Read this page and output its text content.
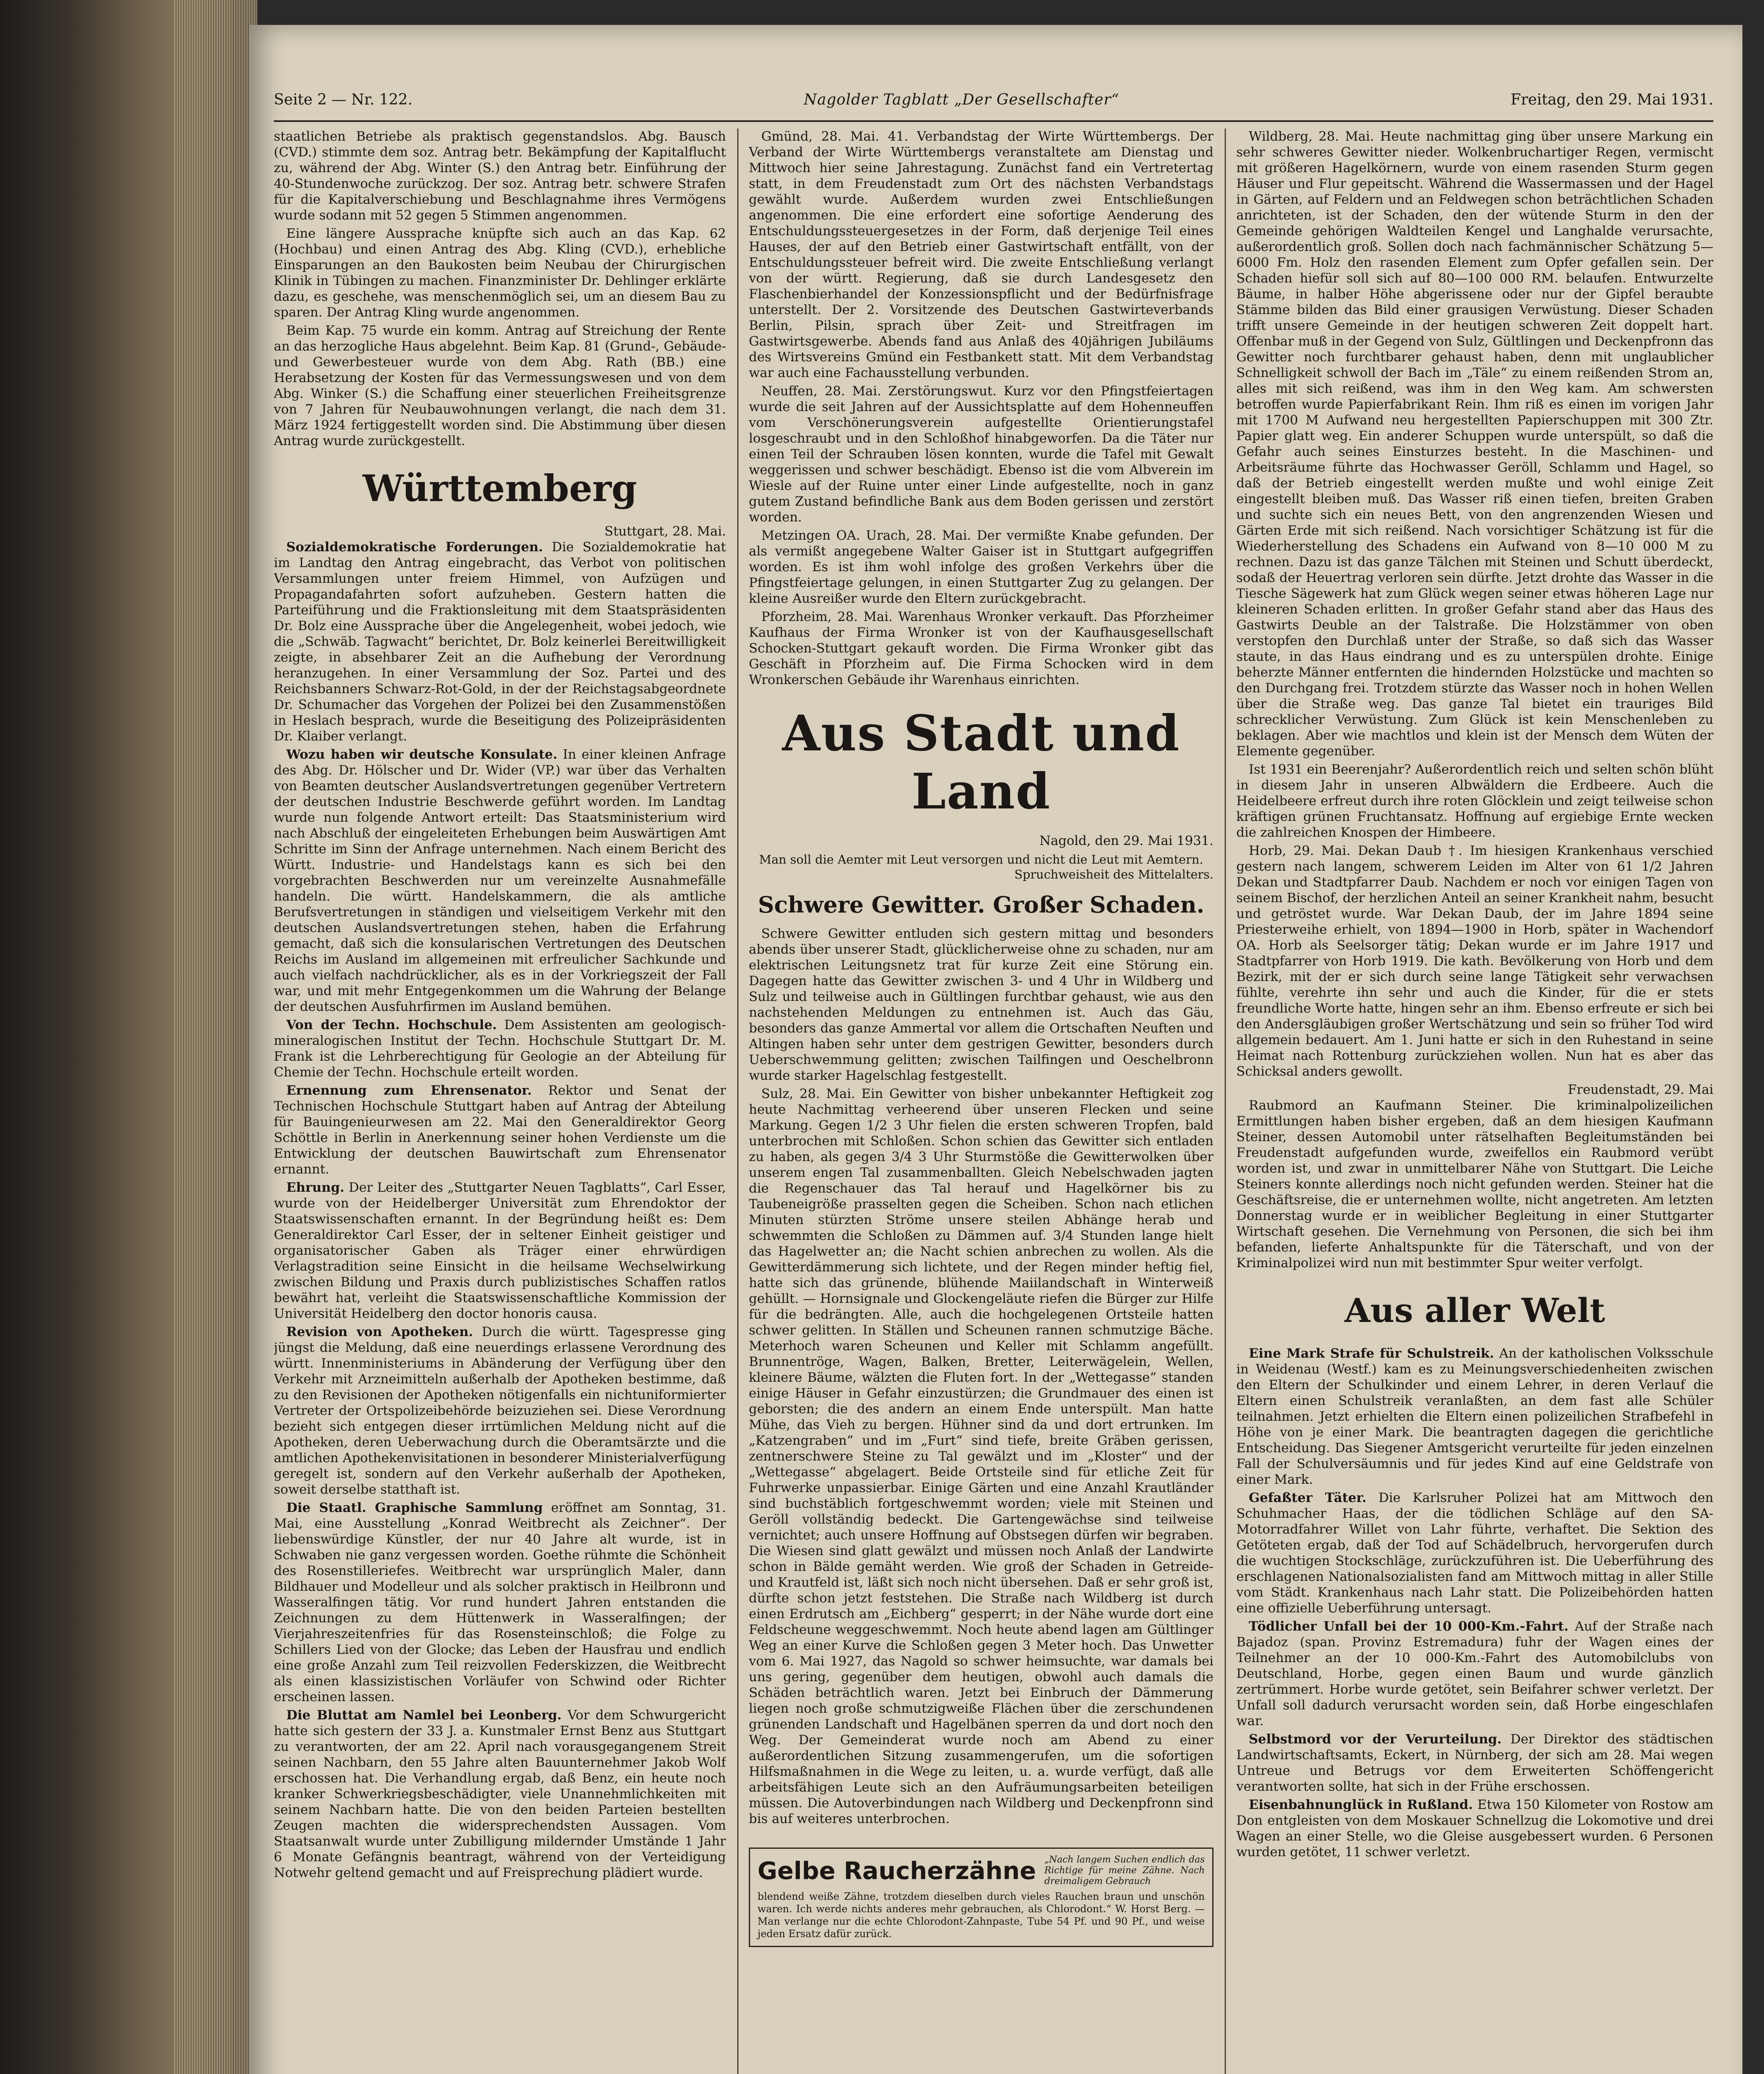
Seite 2 — Nr. 122.	Nagolder Tagblatt „Der Gesellschafter“	Freitag, den 29. Mai 1931.

staatlichen Betriebe als praktisch gegenstandslos. Abg. Bausch (CVD.) stimmte dem soz. Antrag betr. Bekämpfung der Kapitalflucht zu, während der Abg. Winter (S.) den Antrag betr. Einführung der 40-Stundenwoche zurückzog. Der soz. Antrag betr. schwere Strafen für die Kapitalverschiebung und Beschlagnahme ihres Vermögens wurde sodann mit 52 gegen 5 Stimmen angenommen.

Eine längere Aussprache knüpfte sich auch an das Kap. 62 (Hochbau) und einen Antrag des Abg. Kling (CVD.), erhebliche Einsparungen an den Baukosten beim Neubau der Chirurgischen Klinik in Tübingen zu machen. Finanzminister Dr. Dehlinger erklärte dazu, es geschehe, was menschenmöglich sei, um an diesem Bau zu sparen. Der Antrag Kling wurde angenommen.

Beim Kap. 75 wurde ein komm. Antrag auf Streichung der Rente an das herzogliche Haus abgelehnt. Beim Kap. 81 (Grund-, Gebäude- und Gewerbesteuer wurde von dem Abg. Rath (BB.) eine Herabsetzung der Kosten für das Vermessungswesen und von dem Abg. Winker (S.) die Schaffung einer steuerlichen Freiheitsgrenze von 7 Jahren für Neubauwohnungen verlangt, die nach dem 31. März 1924 fertiggestellt worden sind. Die Abstimmung über diesen Antrag wurde zurückgestellt.

Württemberg
Stuttgart, 28. Mai.

Sozialdemokratische Forderungen. Die Sozialdemokratie hat im Landtag den Antrag eingebracht, das Verbot von politischen Versammlungen unter freiem Himmel, von Aufzügen und Propagandafahrten sofort aufzuheben. Gestern hatten die Parteiführung und die Fraktionsleitung mit dem Staatspräsidenten Dr. Bolz eine Aussprache über die Angelegenheit, wobei jedoch, wie die „Schwäb. Tagwacht“ berichtet, Dr. Bolz keinerlei Bereitwilligkeit zeigte, in absehbarer Zeit an die Aufhebung der Verordnung heranzugehen. In einer Versammlung der Soz. Partei und des Reichsbanners Schwarz-Rot-Gold, in der der Reichstagsabgeordnete Dr. Schumacher das Vorgehen der Polizei bei den Zusammenstößen in Heslach besprach, wurde die Beseitigung des Polizeipräsidenten Dr. Klaiber verlangt.

Wozu haben wir deutsche Konsulate. In einer kleinen Anfrage des Abg. Dr. Hölscher und Dr. Wider (VP.) war über das Verhalten von Beamten deutscher Auslandsvertretungen gegenüber Vertretern der deutschen Industrie Beschwerde geführt worden. Im Landtag wurde nun folgende Antwort erteilt: Das Staatsministerium wird nach Abschluß der eingeleiteten Erhebungen beim Auswärtigen Amt Schritte im Sinn der Anfrage unternehmen. Nach einem Bericht des Württ. Industrie- und Handelstags kann es sich bei den vorgebrachten Beschwerden nur um vereinzelte Ausnahmefälle handeln. Die württ. Handelskammern, die als amtliche Berufsvertretungen in ständigen und vielseitigem Verkehr mit den deutschen Auslandsvertretungen stehen, haben die Erfahrung gemacht, daß sich die konsularischen Vertretungen des Deutschen Reichs im Ausland im allgemeinen mit erfreulicher Sachkunde und auch vielfach nachdrücklicher, als es in der Vorkriegszeit der Fall war, und mit mehr Entgegenkommen um die Wahrung der Belange der deutschen Ausfuhrfirmen im Ausland bemühen.

Von der Techn. Hochschule. Dem Assistenten am geologisch-mineralogischen Institut der Techn. Hochschule Stuttgart Dr. M. Frank ist die Lehrberechtigung für Geologie an der Abteilung für Chemie der Techn. Hochschule erteilt worden.

Ernennung zum Ehrensenator. Rektor und Senat der Technischen Hochschule Stuttgart haben auf Antrag der Abteilung für Bauingenieurwesen am 22. Mai den Generaldirektor Georg Schöttle in Berlin in Anerkennung seiner hohen Verdienste um die Entwicklung der deutschen Bauwirtschaft zum Ehrensenator ernannt.

Ehrung. Der Leiter des „Stuttgarter Neuen Tagblatts“, Carl Esser, wurde von der Heidelberger Universität zum Ehrendoktor der Staatswissenschaften ernannt. In der Begründung heißt es: Dem Generaldirektor Carl Esser, der in seltener Einheit geistiger und organisatorischer Gaben als Träger einer ehrwürdigen Verlagstradition seine Einsicht in die heilsame Wechselwirkung zwischen Bildung und Praxis durch publizistisches Schaffen ratlos bewährt hat, verleiht die Staatswissenschaftliche Kommission der Universität Heidelberg den doctor honoris causa.

Revision von Apotheken. Durch die württ. Tagespresse ging jüngst die Meldung, daß eine neuerdings erlassene Verordnung des württ. Innenministeriums in Abänderung der Verfügung über den Verkehr mit Arzneimitteln außerhalb der Apotheken bestimme, daß zu den Revisionen der Apotheken nötigenfalls ein nichtuniformierter Vertreter der Ortspolizeibehörde beizuziehen sei. Diese Verordnung bezieht sich entgegen dieser irrtümlichen Meldung nicht auf die Apotheken, deren Ueberwachung durch die Oberamtsärzte und die amtlichen Apothekenvisitationen in besonderer Ministerialverfügung geregelt ist, sondern auf den Verkehr außerhalb der Apotheken, soweit derselbe statthaft ist.

Die Staatl. Graphische Sammlung eröffnet am Sonntag, 31. Mai, eine Ausstellung „Konrad Weitbrecht als Zeichner“. Der liebenswürdige Künstler, der nur 40 Jahre alt wurde, ist in Schwaben nie ganz vergessen worden. Goethe rühmte die Schönheit des Rosenstilleriefes. Weitbrecht war ursprünglich Maler, dann Bildhauer und Modelleur und als solcher praktisch in Heilbronn und Wasseralfingen tätig. Vor rund hundert Jahren entstanden die Zeichnungen zu dem Hüttenwerk in Wasseralfingen; der Vierjahreszeitenfries für das Rosensteinschloß; die Folge zu Schillers Lied von der Glocke; das Leben der Hausfrau und endlich eine große Anzahl zum Teil reizvollen Federskizzen, die Weitbrecht als einen klassizistischen Vorläufer von Schwind oder Richter erscheinen lassen.

Die Bluttat am Namlel bei Leonberg. Vor dem Schwurgericht hatte sich gestern der 33 J. a. Kunstmaler Ernst Benz aus Stuttgart zu verantworten, der am 22. April nach vorausgegangenem Streit seinen Nachbarn, den 55 Jahre alten Bauunternehmer Jakob Wolf erschossen hat. Die Verhandlung ergab, daß Benz, ein heute noch kranker Schwerkriegsbeschädigter, viele Unannehmlichkeiten mit seinem Nachbarn hatte. Die von den beiden Parteien bestellten Zeugen machten die widersprechendsten Aussagen. Vom Staatsanwalt wurde unter Zubilligung mildernder Umstände 1 Jahr 6 Monate Gefängnis beantragt, während von der Verteidigung Notwehr geltend gemacht und auf Freisprechung plädiert wurde.

Gmünd, 28. Mai. 41. Verbandstag der Wirte Württembergs. Der Verband der Wirte Württembergs veranstaltete am Dienstag und Mittwoch hier seine Jahrestagung. Zunächst fand ein Vertretertag statt, in dem Freudenstadt zum Ort des nächsten Verbandstags gewählt wurde. Außerdem wurden zwei Entschließungen angenommen. Die eine erfordert eine sofortige Aenderung des Entschuldungssteuergesetzes in der Form, daß derjenige Teil eines Hauses, der auf den Betrieb einer Gastwirtschaft entfällt, von der Entschuldungssteuer befreit wird. Die zweite Entschließung verlangt von der württ. Regierung, daß sie durch Landesgesetz den Flaschenbierhandel der Konzessionspflicht und der Bedürfnisfrage unterstellt. Der 2. Vorsitzende des Deutschen Gastwirteverbands Berlin, Pilsin, sprach über Zeit- und Streitfragen im Gastwirtsgewerbe. Abends fand aus Anlaß des 40jährigen Jubiläums des Wirtsvereins Gmünd ein Festbankett statt. Mit dem Verbandstag war auch eine Fachausstellung verbunden.

Neuffen, 28. Mai. Zerstörungswut. Kurz vor den Pfingstfeiertagen wurde die seit Jahren auf der Aussichtsplatte auf dem Hohenneuffen vom Verschönerungsverein aufgestellte Orientierungstafel losgeschraubt und in den Schloßhof hinabgeworfen. Da die Täter nur einen Teil der Schrauben lösen konnten, wurde die Tafel mit Gewalt weggerissen und schwer beschädigt. Ebenso ist die vom Albverein im Wiesle auf der Ruine unter einer Linde aufgestellte, noch in ganz gutem Zustand befindliche Bank aus dem Boden gerissen und zerstört worden.

Metzingen OA. Urach, 28. Mai. Der vermißte Knabe gefunden. Der als vermißt angegebene Walter Gaiser ist in Stuttgart aufgegriffen worden. Es ist ihm wohl infolge des großen Verkehrs über die Pfingstfeiertage gelungen, in einen Stuttgarter Zug zu gelangen. Der kleine Ausreißer wurde den Eltern zurückgebracht.

Pforzheim, 28. Mai. Warenhaus Wronker verkauft. Das Pforzheimer Kaufhaus der Firma Wronker ist von der Kaufhausgesellschaft Schocken-Stuttgart gekauft worden. Die Firma Wronker gibt das Geschäft in Pforzheim auf. Die Firma Schocken wird in dem Wronkerschen Gebäude ihr Warenhaus einrichten.

Aus Stadt und Land
Nagold, den 29. Mai 1931.
Man soll die Aemter mit Leut versorgen und nicht die Leut mit Aemtern.
Spruchweisheit des Mittelalters.
Schwere Gewitter. Großer Schaden.

Schwere Gewitter entluden sich gestern mittag und besonders abends über unserer Stadt, glücklicherweise ohne zu schaden, nur am elektrischen Leitungsnetz trat für kurze Zeit eine Störung ein. Dagegen hatte das Gewitter zwischen 3- und 4 Uhr in Wildberg und Sulz und teilweise auch in Gültlingen furchtbar gehaust, wie aus den nachstehenden Meldungen zu entnehmen ist. Auch das Gäu, besonders das ganze Ammertal vor allem die Ortschaften Neuften und Altingen haben sehr unter dem gestrigen Gewitter, besonders durch Ueberschwemmung gelitten; zwischen Tailfingen und Oeschelbronn wurde starker Hagelschlag festgestellt.

Sulz, 28. Mai. Ein Gewitter von bisher unbekannter Heftigkeit zog heute Nachmittag verheerend über unseren Flecken und seine Markung. Gegen 1/2 3 Uhr fielen die ersten schweren Tropfen, bald unterbrochen mit Schloßen. Schon schien das Gewitter sich entladen zu haben, als gegen 3/4 3 Uhr Sturmstöße die Gewitterwolken über unserem engen Tal zusammenballten. Gleich Nebelschwaden jagten die Regenschauer das Tal herauf und Hagelkörner bis zu Taubeneigröße prasselten gegen die Scheiben. Schon nach etlichen Minuten stürzten Ströme unsere steilen Abhänge herab und schwemmten die Schloßen zu Dämmen auf. 3/4 Stunden lange hielt das Hagelwetter an; die Nacht schien anbrechen zu wollen. Als die Gewitterdämmerung sich lichtete, und der Regen minder heftig fiel, hatte sich das grünende, blühende Maiilandschaft in Winterweiß gehüllt. — Hornsignale und Glockengeläute riefen die Bürger zur Hilfe für die bedrängten. Alle, auch die hochgelegenen Ortsteile hatten schwer gelitten. In Ställen und Scheunen rannen schmutzige Bäche. Meterhoch waren Scheunen und Keller mit Schlamm angefüllt. Brunnentröge, Wagen, Balken, Bretter, Leiterwägelein, Wellen, kleinere Bäume, wälzten die Fluten fort. In der „Wettegasse“ standen einige Häuser in Gefahr einzustürzen; die Grundmauer des einen ist geborsten; die des andern an einem Ende unterspült. Man hatte Mühe, das Vieh zu bergen. Hühner sind da und dort ertrunken. Im „Katzengraben“ und im „Furt“ sind tiefe, breite Gräben gerissen, zentnerschwere Steine zu Tal gewälzt und im „Kloster“ und der „Wettegasse“ abgelagert. Beide Ortsteile sind für etliche Zeit für Fuhrwerke unpassierbar. Einige Gärten und eine Anzahl Krautländer sind buchstäblich fortgeschwemmt worden; viele mit Steinen und Geröll vollständig bedeckt. Die Gartengewächse sind teilweise vernichtet; auch unsere Hoffnung auf Obstsegen dürfen wir begraben. Die Wiesen sind glatt gewälzt und müssen noch Anlaß der Landwirte schon in Bälde gemäht werden. Wie groß der Schaden in Getreide- und Krautfeld ist, läßt sich noch nicht übersehen. Daß er sehr groß ist, dürfte schon jetzt feststehen. Die Straße nach Wildberg ist durch einen Erdrutsch am „Eichberg“ gesperrt; in der Nähe wurde dort eine Feldscheune weggeschwemmt. Noch heute abend lagen am Gültlinger Weg an einer Kurve die Schloßen gegen 3 Meter hoch. Das Unwetter vom 6. Mai 1927, das Nagold so schwer heimsuchte, war damals bei uns gering, gegenüber dem heutigen, obwohl auch damals die Schäden beträchtlich waren. Jetzt bei Einbruch der Dämmerung liegen noch große schmutzigweiße Flächen über die zerschundenen grünenden Landschaft und Hagelbänen sperren da und dort noch den Weg. Der Gemeinderat wurde noch am Abend zu einer außerordentlichen Sitzung zusammengerufen, um die sofortigen Hilfsmaßnahmen in die Wege zu leiten, u. a. wurde verfügt, daß alle arbeitsfähigen Leute sich an den Aufräumungsarbeiten beteiligen müssen. Die Autoverbindungen nach Wildberg und Deckenpfronn sind bis auf weiteres unterbrochen.

Gelbe Raucherzähne „Nach langem Suchen endlich das Richtige für meine Zähne. Nach dreimaligem Gebrauch
blendend weiße Zähne, trotzdem dieselben durch vieles Rauchen braun und unschön waren. Ich werde nichts anderes mehr gebrauchen, als Chlorodont.“ W. Horst Berg. — Man verlange nur die echte Chlorodont-Zahnpaste, Tube 54 Pf. und 90 Pf., und weise jeden Ersatz dafür zurück.

Wildberg, 28. Mai. Heute nachmittag ging über unsere Markung ein sehr schweres Gewitter nieder. Wolkenbruchartiger Regen, vermischt mit größeren Hagelkörnern, wurde von einem rasenden Sturm gegen Häuser und Flur gepeitscht. Während die Wassermassen und der Hagel in Gärten, auf Feldern und an Feldwegen schon beträchtlichen Schaden anrichteten, ist der Schaden, den der wütende Sturm in den der Gemeinde gehörigen Waldteilen Kengel und Langhalde verursachte, außerordentlich groß. Sollen doch nach fachmännischer Schätzung 5—6000 Fm. Holz den rasenden Element zum Opfer gefallen sein. Der Schaden hiefür soll sich auf 80—100 000 RM. belaufen. Entwurzelte Bäume, in halber Höhe abgerissene oder nur der Gipfel beraubte Stämme bilden das Bild einer grausigen Verwüstung. Dieser Schaden trifft unsere Gemeinde in der heutigen schweren Zeit doppelt hart. Offenbar muß in der Gegend von Sulz, Gültlingen und Deckenpfronn das Gewitter noch furchtbarer gehaust haben, denn mit unglaublicher Schnelligkeit schwoll der Bach im „Täle“ zu einem reißenden Strom an, alles mit sich reißend, was ihm in den Weg kam. Am schwersten betroffen wurde Papierfabrikant Rein. Ihm riß es einen im vorigen Jahr mit 1700 M Aufwand neu hergestellten Papierschuppen mit 300 Ztr. Papier glatt weg. Ein anderer Schuppen wurde unterspült, so daß die Gefahr auch seines Einsturzes besteht. In die Maschinen- und Arbeitsräume führte das Hochwasser Geröll, Schlamm und Hagel, so daß der Betrieb eingestellt werden mußte und wohl einige Zeit eingestellt bleiben muß. Das Wasser riß einen tiefen, breiten Graben und suchte sich ein neues Bett, von den angrenzenden Wiesen und Gärten Erde mit sich reißend. Nach vorsichtiger Schätzung ist für die Wiederherstellung des Schadens ein Aufwand von 8—10 000 M zu rechnen. Dazu ist das ganze Tälchen mit Steinen und Schutt überdeckt, sodaß der Heuertrag verloren sein dürfte. Jetzt drohte das Wasser in die Tiesche Sägewerk hat zum Glück wegen seiner etwas höheren Lage nur kleineren Schaden erlitten. In großer Gefahr stand aber das Haus des Gastwirts Deuble an der Talstraße. Die Holzstämmer von oben verstopfen den Durchlaß unter der Straße, so daß sich das Wasser staute, in das Haus eindrang und es zu unterspülen drohte. Einige beherzte Männer entfernten die hindernden Holzstücke und machten so den Durchgang frei. Trotzdem stürzte das Wasser noch in hohen Wellen über die Straße weg. Das ganze Tal bietet ein trauriges Bild schrecklicher Verwüstung. Zum Glück ist kein Menschenleben zu beklagen. Aber wie machtlos und klein ist der Mensch dem Wüten der Elemente gegenüber.

Ist 1931 ein Beerenjahr? Außerordentlich reich und selten schön blüht in diesem Jahr in unseren Albwäldern die Erdbeere. Auch die Heidelbeere erfreut durch ihre roten Glöcklein und zeigt teilweise schon kräftigen grünen Fruchtansatz. Hoffnung auf ergiebige Ernte wecken die zahlreichen Knospen der Himbeere.

Horb, 29. Mai. Dekan Daub †. Im hiesigen Krankenhaus verschied gestern nach langem, schwerem Leiden im Alter von 61 1/2 Jahren Dekan und Stadtpfarrer Daub. Nachdem er noch vor einigen Tagen von seinem Bischof, der herzlichen Anteil an seiner Krankheit nahm, besucht und getröstet wurde. War Dekan Daub, der im Jahre 1894 seine Priesterweihe erhielt, von 1894—1900 in Horb, später in Wachendorf OA. Horb als Seelsorger tätig; Dekan wurde er im Jahre 1917 und Stadtpfarrer von Horb 1919. Die kath. Bevölkerung von Horb und dem Bezirk, mit der er sich durch seine lange Tätigkeit sehr verwachsen fühlte, verehrte ihn sehr und auch die Kinder, für die er stets freundliche Worte hatte, hingen sehr an ihm. Ebenso erfreute er sich bei den Andersgläubigen großer Wertschätzung und sein so früher Tod wird allgemein bedauert. Am 1. Juni hatte er sich in den Ruhestand in seine Heimat nach Rottenburg zurückziehen wollen. Nun hat es aber das Schicksal anders gewollt.

Freudenstadt, 29. Mai

Raubmord an Kaufmann Steiner. Die kriminalpolizeilichen Ermittlungen haben bisher ergeben, daß an dem hiesigen Kaufmann Steiner, dessen Automobil unter rätselhaften Begleitumständen bei Freudenstadt aufgefunden wurde, zweifellos ein Raubmord verübt worden ist, und zwar in unmittelbarer Nähe von Stuttgart. Die Leiche Steiners konnte allerdings noch nicht gefunden werden. Steiner hat die Geschäftsreise, die er unternehmen wollte, nicht angetreten. Am letzten Donnerstag wurde er in weiblicher Begleitung in einer Stuttgarter Wirtschaft gesehen. Die Vernehmung von Personen, die sich bei ihm befanden, lieferte Anhaltspunkte für die Täterschaft, und von der Kriminalpolizei wird nun mit bestimmter Spur weiter verfolgt.

Aus aller Welt

Eine Mark Strafe für Schulstreik. An der katholischen Volksschule in Weidenau (Westf.) kam es zu Meinungsverschiedenheiten zwischen den Eltern der Schulkinder und einem Lehrer, in deren Verlauf die Eltern einen Schulstreik veranlaßten, an dem fast alle Schüler teilnahmen. Jetzt erhielten die Eltern einen polizeilichen Strafbefehl in Höhe von je einer Mark. Die beantragten dagegen die gerichtliche Entscheidung. Das Siegener Amtsgericht verurteilte für jeden einzelnen Fall der Schulversäumnis und für jedes Kind auf eine Geldstrafe von einer Mark.

Gefaßter Täter. Die Karlsruher Polizei hat am Mittwoch den Schuhmacher Haas, der die tödlichen Schläge auf den SA-Motorradfahrer Willet von Lahr führte, verhaftet. Die Sektion des Getöteten ergab, daß der Tod auf Schädelbruch, hervorgerufen durch die wuchtigen Stockschläge, zurückzuführen ist. Die Ueberführung des erschlagenen Nationalsozialisten fand am Mittwoch mittag in aller Stille vom Städt. Krankenhaus nach Lahr statt. Die Polizeibehörden hatten eine offizielle Ueberführung untersagt.

Tödlicher Unfall bei der 10 000-Km.-Fahrt. Auf der Straße nach Bajadoz (span. Provinz Estremadura) fuhr der Wagen eines der Teilnehmer an der 10 000-Km.-Fahrt des Automobilclubs von Deutschland, Horbe, gegen einen Baum und wurde gänzlich zertrümmert. Horbe wurde getötet, sein Beifahrer schwer verletzt. Der Unfall soll dadurch verursacht worden sein, daß Horbe eingeschlafen war.

Selbstmord vor der Verurteilung. Der Direktor des städtischen Landwirtschaftsamts, Eckert, in Nürnberg, der sich am 28. Mai wegen Untreue und Betrugs vor dem Erweiterten Schöffengericht verantworten sollte, hat sich in der Frühe erschossen.

Eisenbahnunglück in Rußland. Etwa 150 Kilometer von Rostow am Don entgleisten von dem Moskauer Schnellzug die Lokomotive und drei Wagen an einer Stelle, wo die Gleise ausgebessert wurden. 6 Personen wurden getötet, 11 schwer verletzt.
